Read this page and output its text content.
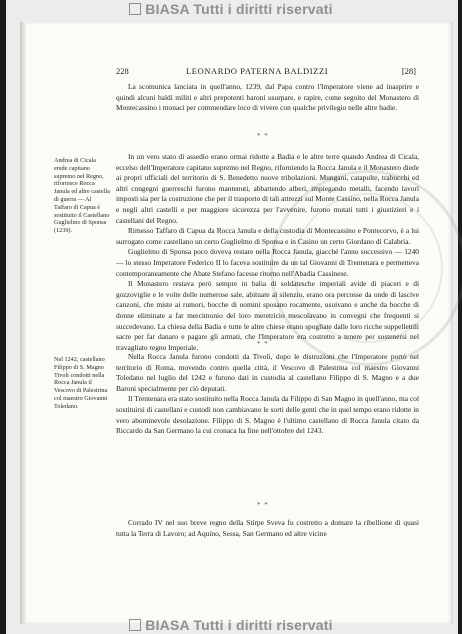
BIASA Tutti i diritti riservati
228	LEONARDO PATERNA BALDIZZI	[28]

La scomunica lanciata in quell'anno, 1239, dal Papa contro l'Imperatore viene ad inasprire e quindi alcuni baldi militi e altri prepotenti baroni usurpare, e rapire, come seguito del Monastero di Montecassino i monaci per commendare loco di vivere con qualche privilegio nelle altre badie.

* *
Andrea di Cicala erede capitano supremo nel Regno, rifornisce Rocca Janula ed altre castella di guerra — Al Taffaro di Capua è sostituito il Castellano Guglielmo di Sponsa (1239).

In un vero stato di assedio erano ormai ridotte a Badia e le altre terre quando Andrea di Cicala, eccelso dell'Imperatore capitano supremo nel Regno, riforniendo la Rocca Janula e il Monastero diede ai propri ufficiali del territorio di S. Benedetto nuove tribolazioni. Mungani, catapulte, trabucchi ed altri congegni guerreschi furono mantenuti, abbattendo alberi, impiegando metalli, facendo lavori imposti sia per la costruzione che per il trasporto di tali attrezzi sul Monte Cassino, nella Rocca Janula e negli altri castelli e per maggiore sicurezza per l'avvenire, furono mutati tutti i giustizieri e i castellani del Regno.

Rimesso Taffaro di Capua da Rocca Janula e della custodia di Montecassino e Pontecorvo, è a lui surrogato come castellano un certo Guglielmo di Sponsa e in Casino un certo Giordano di Calabria.

Guglielmo di Sponsa poco doveva restare nella Rocca Janula, giacché l'anno successivo — 1240 — lo stesso Imperatore Federico II lo faceva sostituire da un tal Giovanni di Trentenara e permetteva contemporaneamente che Abate Stefano facesse ritorno nell'Abadia Cassinese.

Il Monastero restava però sempre in balia di soldatesche imperiali avide di piaceri e di gozzoviglie e le volte delle numerose sale, abituate al silenzio, erano ora percosse da onde di lascive canzoni, che miste ai rumori, bocche di uomini sposano rocamente, usuivano e anche da bocche di donne eliminate a far mercimonio del loro meretricio mescolavano in convegni che frequenti si succedevano. La chiesa della Badia e tutte le altre chiese erano spogliate dalle loro ricche suppellettili sacre per far danaro e pagare gli armati, che l'Imperatore era costretto a tenere per sostenersi nel travagliato regno Imperiale.	* *
Nel 1242, castellano Filippo di S. Magno Tivoli condotti nella Rocca Janula il Vescovo di Palestrina col maestro Giovanni Toledano.

Nella Rocca Janula furono condotti da Tivoli, dopo le distruzioni che l'Imperatore portò nel territorio di Roma, movendo contro quella città, il Vescovo di Palestrina col maestro Giovanni Toledano nel luglio del 1242 e furono dati in custodia al castellano Filippo di S. Magno e a due Baroni specialmente per ciò deputati.

Il Trentenara era stato sostituito nella Rocca Janula da Filippo di San Magno in quell'anno, ma col sostituirsi di castellani e custodi non cambiavano le sorti delle genti che in quel tempo erano ridotte in vero abominevole desolazione. Filippo di S. Magno è l'ultimo castellano di Rocca Janula citato da Riccardo da San Germano la cui cronaca ha fine nell'ottobre del 1243.

* *

Corrado IV nel suo breve regno della Stirpe Sveva fu costretto a domare la ribellione di quasi tutta la Terra di Lavoro; ad Aquino, Sessa, San Germano ed altre vicine

BIASA Tutti i diritti riservati
